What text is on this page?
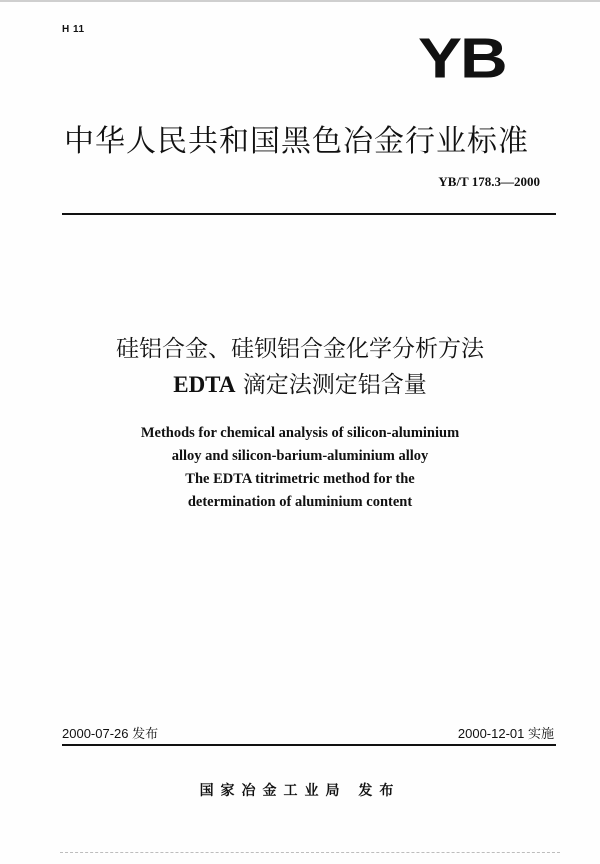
H 11	YB
中华人民共和国黑色冶金行业标准
YB/T 178.3—2000
硅铝合金、硅钡铝合金化学分析方法
EDTA 滴定法测定铝含量
Methods for chemical analysis of silicon-aluminium
alloy and silicon-barium-aluminium alloy
The EDTA titrimetric method for the
determination of aluminium content
2000-07-26 发布	2000-12-01 实施
国家冶金工业局 发布
